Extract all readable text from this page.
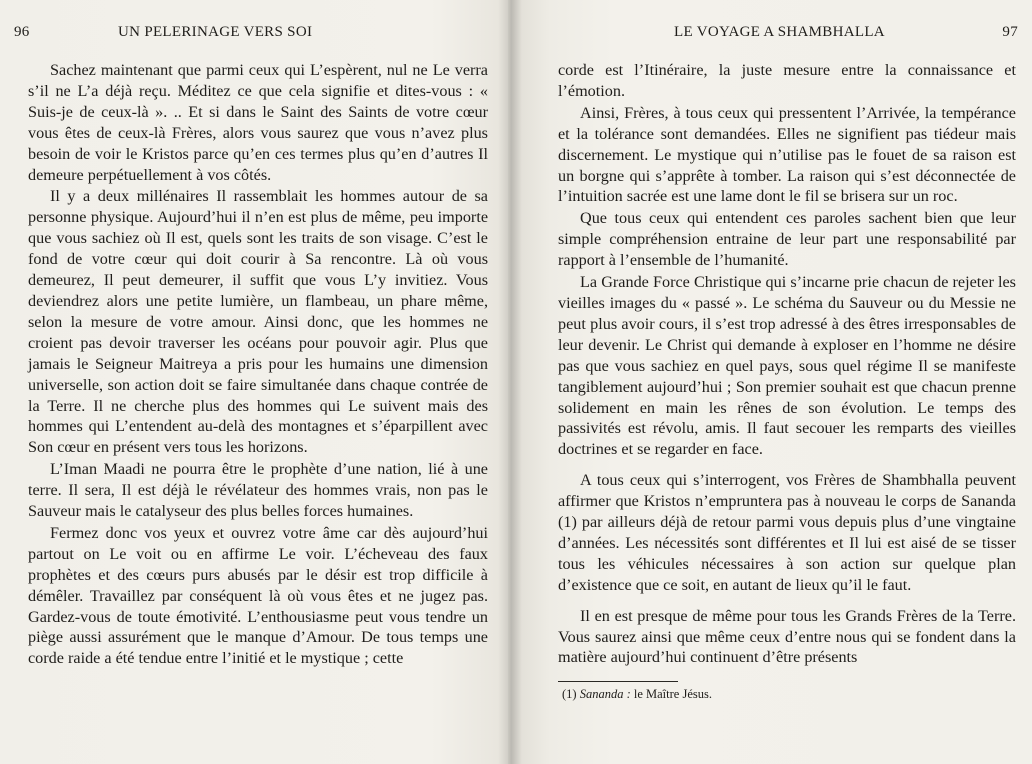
96	UN PELERINAGE VERS SOI

Sachez maintenant que parmi ceux qui L’espèrent, nul ne Le verra s’il ne L’a déjà reçu. Méditez ce que cela signifie et dites-vous : « Suis-je de ceux-là ». .. Et si dans le Saint des Saints de votre cœur vous êtes de ceux-là Frères, alors vous saurez que vous n’avez plus besoin de voir le Kristos parce qu’en ces termes plus qu’en d’autres Il demeure perpétuellement à vos côtés.

Il y a deux millénaires Il rassemblait les hommes autour de sa personne physique. Aujourd’hui il n’en est plus de même, peu importe que vous sachiez où Il est, quels sont les traits de son visage. C’est le fond de votre cœur qui doit courir à Sa rencontre. Là où vous demeurez, Il peut demeurer, il suffit que vous L’y invitiez. Vous deviendrez alors une petite lumière, un flambeau, un phare même, selon la mesure de votre amour. Ainsi donc, que les hommes ne croient pas devoir traverser les océans pour pouvoir agir. Plus que jamais le Seigneur Maitreya a pris pour les humains une dimension universelle, son action doit se faire simultanée dans chaque contrée de la Terre. Il ne cherche plus des hommes qui Le suivent mais des hommes qui L’entendent au-delà des montagnes et s’éparpillent avec Son cœur en présent vers tous les horizons.

L’Iman Maadi ne pourra être le prophète d’une nation, lié à une terre. Il sera, Il est déjà le révélateur des hommes vrais, non pas le Sauveur mais le catalyseur des plus belles forces humaines.

Fermez donc vos yeux et ouvrez votre âme car dès aujourd’hui partout on Le voit ou en affirme Le voir. L’écheveau des faux prophètes et des cœurs purs abusés par le désir est trop difficile à démêler. Travaillez par conséquent là où vous êtes et ne jugez pas. Gardez-vous de toute émotivité. L’enthousiasme peut vous tendre un piège aussi assurément que le manque d’Amour. De tous temps une corde raide a été tendue entre l’initié et le mystique ; cette

LE VOYAGE A SHAMBHALLA	97

corde est l’Itinéraire, la juste mesure entre la connaissance et l’émotion.

Ainsi, Frères, à tous ceux qui pressentent l’Arrivée, la tempérance et la tolérance sont demandées. Elles ne signifient pas tiédeur mais discernement. Le mystique qui n’utilise pas le fouet de sa raison est un borgne qui s’apprête à tomber. La raison qui s’est déconnectée de l’intuition sacrée est une lame dont le fil se brisera sur un roc.

Que tous ceux qui entendent ces paroles sachent bien que leur simple compréhension entraine de leur part une responsabilité par rapport à l’ensemble de l’humanité.

La Grande Force Christique qui s’incarne prie chacun de rejeter les vieilles images du « passé ». Le schéma du Sauveur ou du Messie ne peut plus avoir cours, il s’est trop adressé à des êtres irresponsables de leur devenir. Le Christ qui demande à exploser en l’homme ne désire pas que vous sachiez en quel pays, sous quel régime Il se manifeste tangiblement aujourd’hui ; Son premier souhait est que chacun prenne solidement en main les rênes de son évolution. Le temps des passivités est révolu, amis. Il faut secouer les remparts des vieilles doctrines et se regarder en face.

A tous ceux qui s’interrogent, vos Frères de Shambhalla peuvent affirmer que Kristos n’empruntera pas à nouveau le corps de Sananda (1) par ailleurs déjà de retour parmi vous depuis plus d’une vingtaine d’années. Les nécessités sont différentes et Il lui est aisé de se tisser tous les véhicules nécessaires à son action sur quelque plan d’existence que ce soit, en autant de lieux qu’il le faut.

Il en est presque de même pour tous les Grands Frères de la Terre. Vous saurez ainsi que même ceux d’entre nous qui se fondent dans la matière aujourd’hui continuent d’être présents

(1) Sananda : le Maître Jésus.
